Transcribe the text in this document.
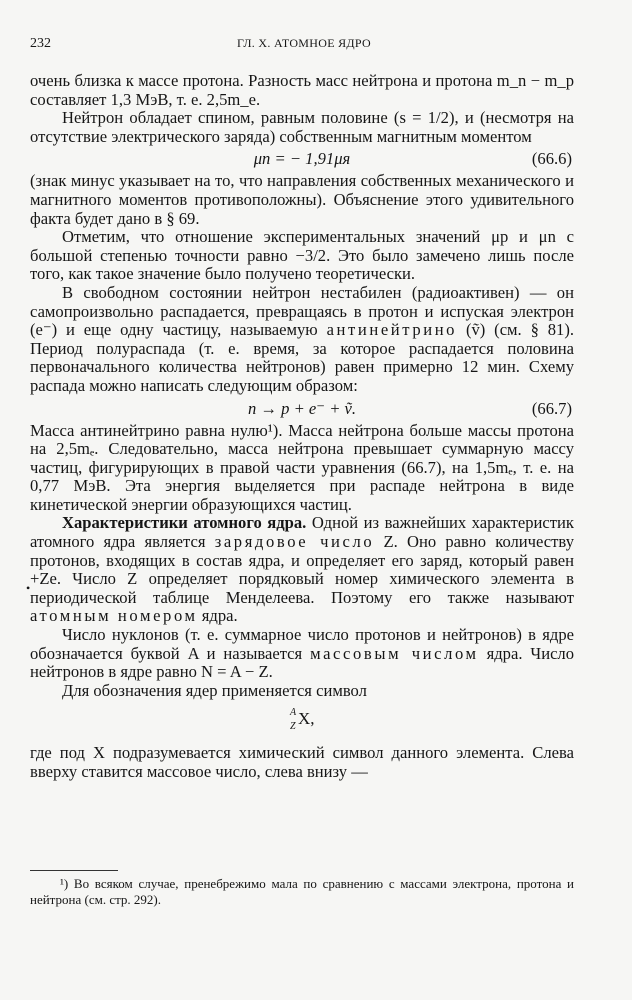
232	ГЛ. X. АТОМНОЕ ЯДРО
•

очень близка к массе протона. Разность масс нейтрона и протона m_n − m_p составляет 1,3 МэВ, т. е. 2,5m_e.

Нейтрон обладает спином, равным половине (s = 1/2), и (несмотря на отсутствие электрического заряда) собственным магнитным моментом

μn = − 1,91μя	(66.6)

(знак минус указывает на то, что направления собственных механического и магнитного моментов противоположны). Объяснение этого удивительного факта будет дано в § 69.

Отметим, что отношение экспериментальных значений μp и μn с большой степенью точности равно −3/2. Это было замечено лишь после того, как такое значение было получено теоретически.

В свободном состоянии нейтрон нестабилен (радиоактивен) — он самопроизвольно распадается, превращаясь в протон и испуская электрон (e⁻) и еще одну частицу, называемую антинейтрино (ṽ) (см. § 81). Период полураспада (т. е. время, за которое распадается половина первоначального количества нейтронов) равен примерно 12 мин. Схему распада можно написать следующим образом:

n → p + e⁻ + ṽ.	(66.7)

Масса антинейтрино равна нулю¹). Масса нейтрона больше массы протона на 2,5mₑ. Следовательно, масса нейтрона превышает суммарную массу частиц, фигурирующих в правой части уравнения (66.7), на 1,5mₑ, т. е. на 0,77 МэВ. Эта энергия выделяется при распаде нейтрона в виде кинетической энергии образующихся частиц.

Характеристики атомного ядра. Одной из важнейших характеристик атомного ядра является зарядовое число Z. Оно равно количеству протонов, входящих в состав ядра, и определяет его заряд, который равен +Ze. Число Z определяет порядковый номер химического элемента в периодической таблице Менделеева. Поэтому его также называют атомным номером ядра.

Число нуклонов (т. е. суммарное число протонов и нейтронов) в ядре обозначается буквой A и называется массовым числом ядра. Число нейтронов в ядре равно N = A − Z.

Для обозначения ядер применяется символ

A
Z X,

где под X подразумевается химический символ данного элемента. Слева вверху ставится массовое число, слева внизу —

¹) Во всяком случае, пренебрежимо мала по сравнению с массами электрона, протона и нейтрона (см. стр. 292).
